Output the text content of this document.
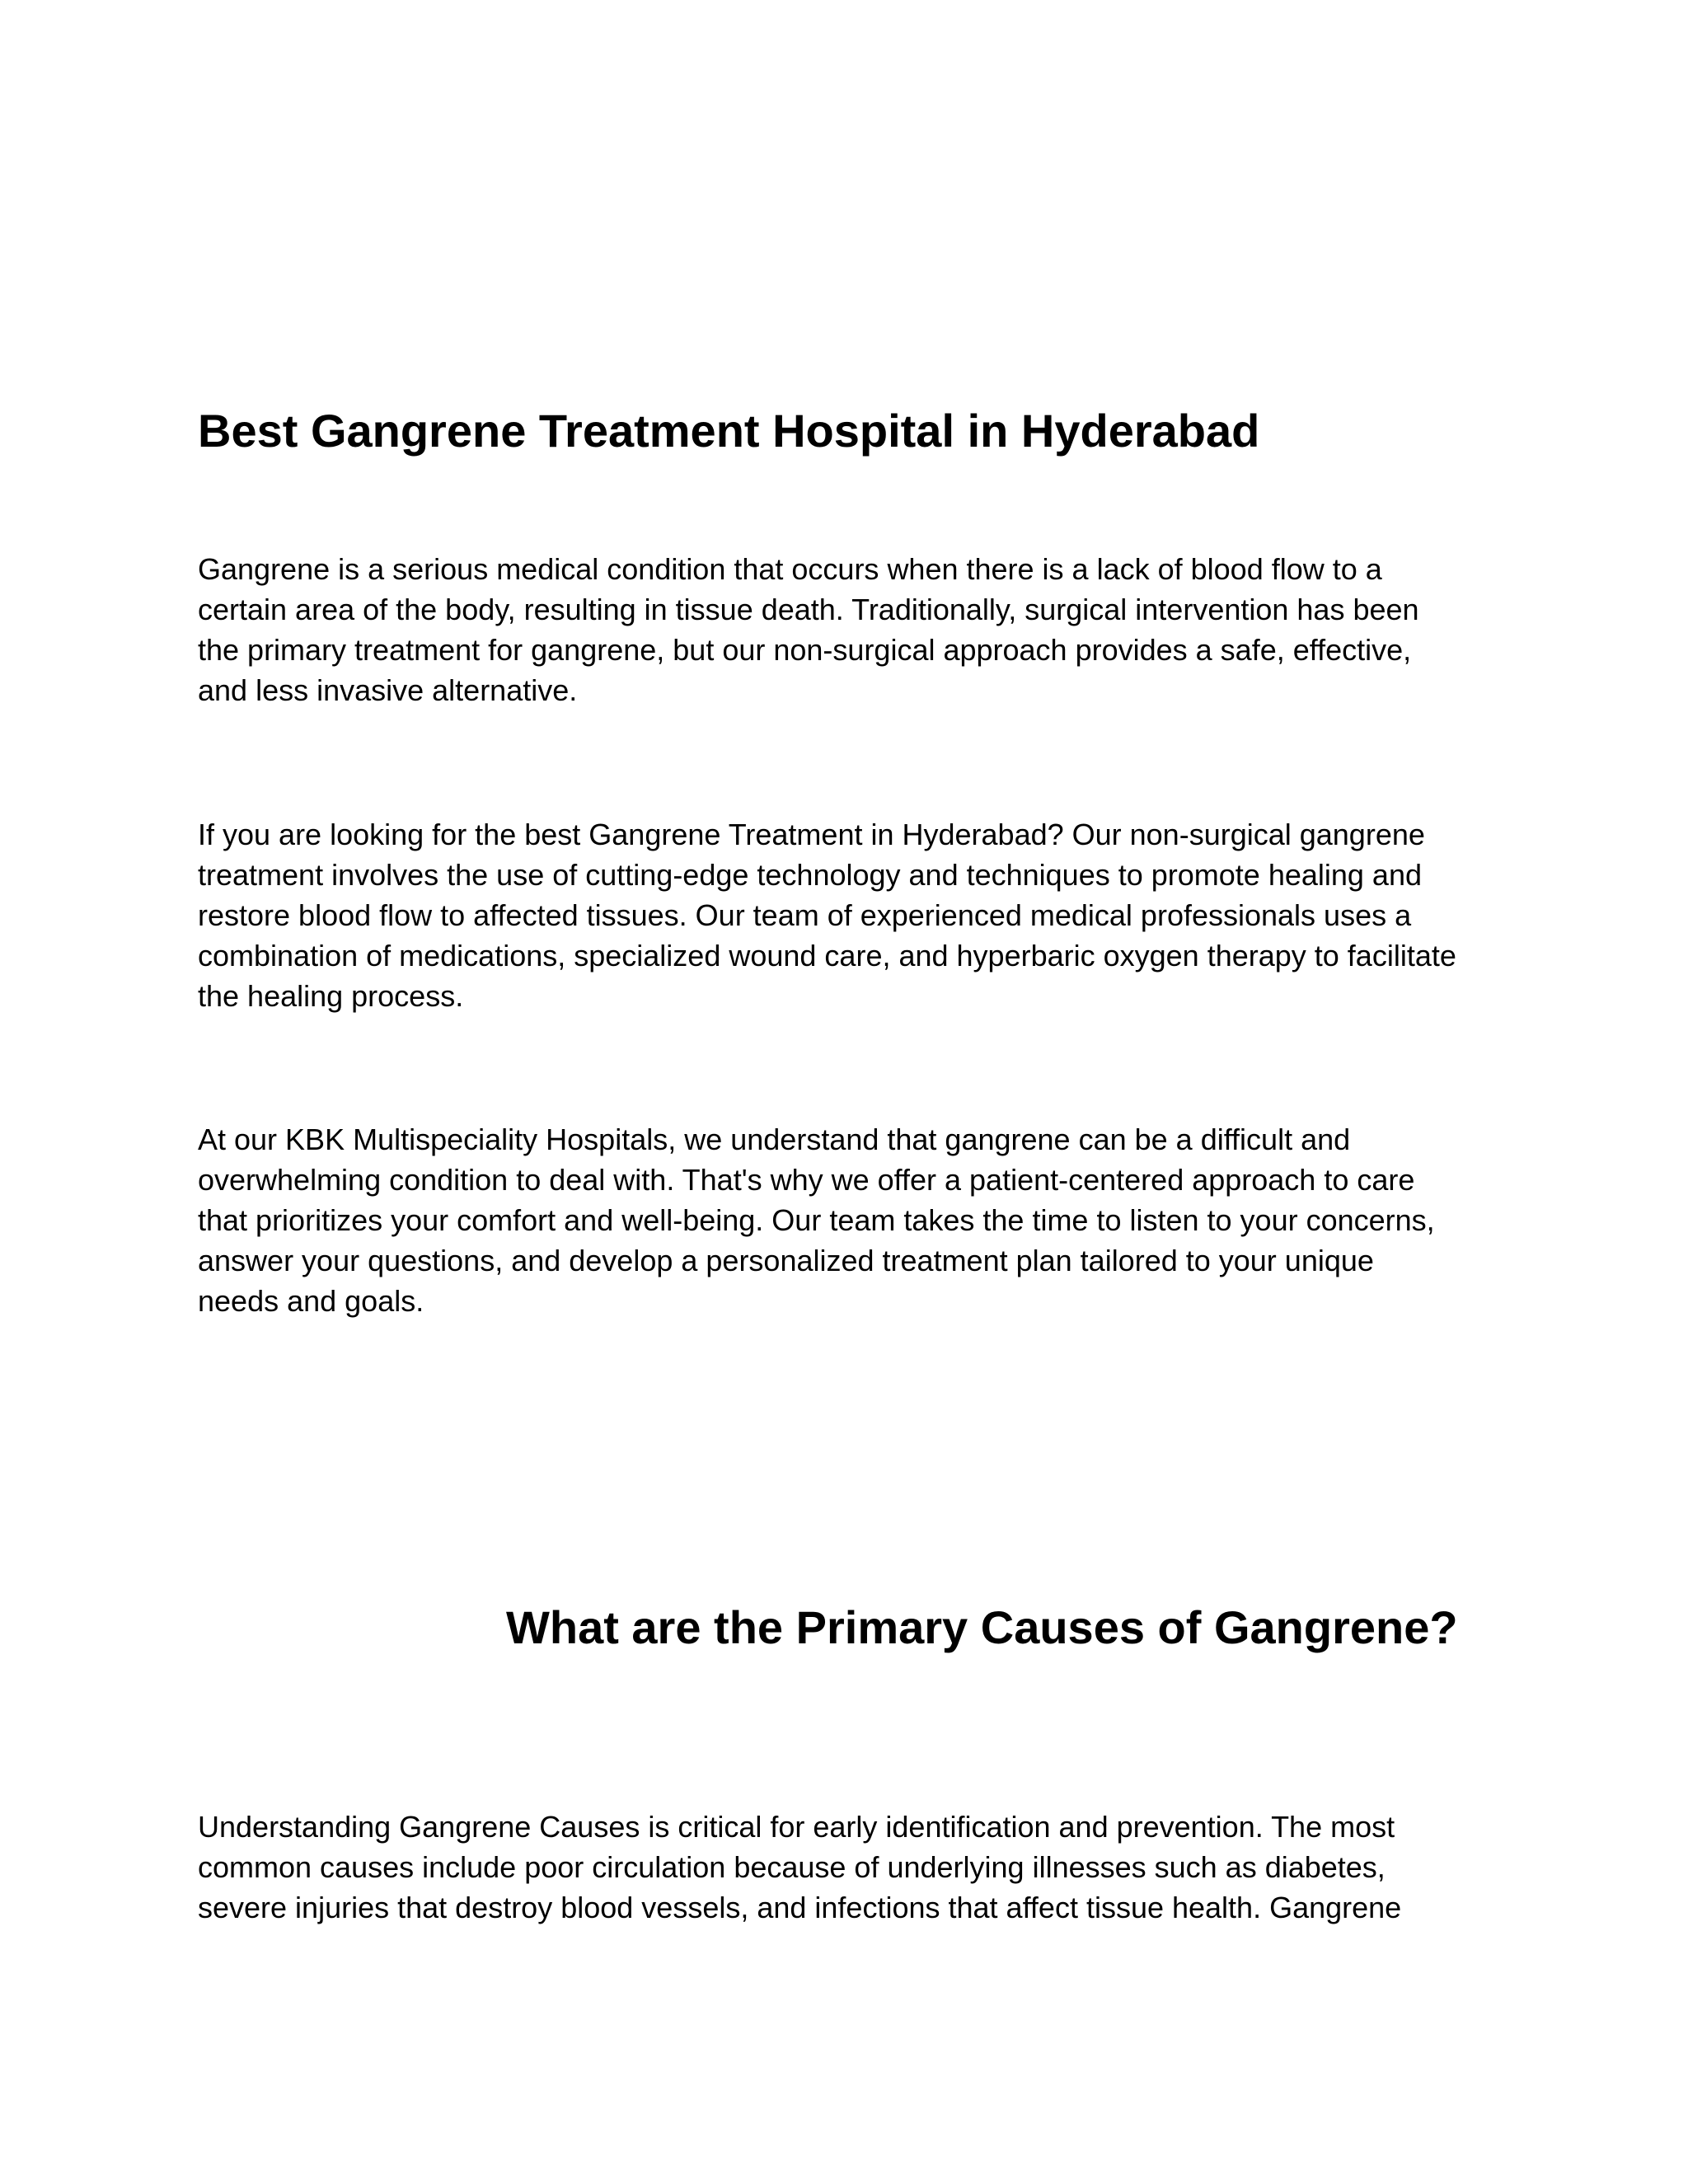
Best Gangrene Treatment Hospital in Hyderabad

Gangrene is a serious medical condition that occurs when there is a lack of blood flow to a
certain area of the body, resulting in tissue death. Traditionally, surgical intervention has been
the primary treatment for gangrene, but our non-surgical approach provides a safe, effective,
and less invasive alternative.

If you are looking for the best Gangrene Treatment in Hyderabad? Our non-surgical gangrene
treatment involves the use of cutting-edge technology and techniques to promote healing and
restore blood flow to affected tissues. Our team of experienced medical professionals uses a
combination of medications, specialized wound care, and hyperbaric oxygen therapy to facilitate
the healing process.

At our KBK Multispeciality Hospitals, we understand that gangrene can be a difficult and
overwhelming condition to deal with. That's why we offer a patient-centered approach to care
that prioritizes your comfort and well-being. Our team takes the time to listen to your concerns,
answer your questions, and develop a personalized treatment plan tailored to your unique
needs and goals.

What are the Primary Causes of Gangrene?

Understanding Gangrene Causes is critical for early identification and prevention. The most
common causes include poor circulation because of underlying illnesses such as diabetes,
severe injuries that destroy blood vessels, and infections that affect tissue health. Gangrene
